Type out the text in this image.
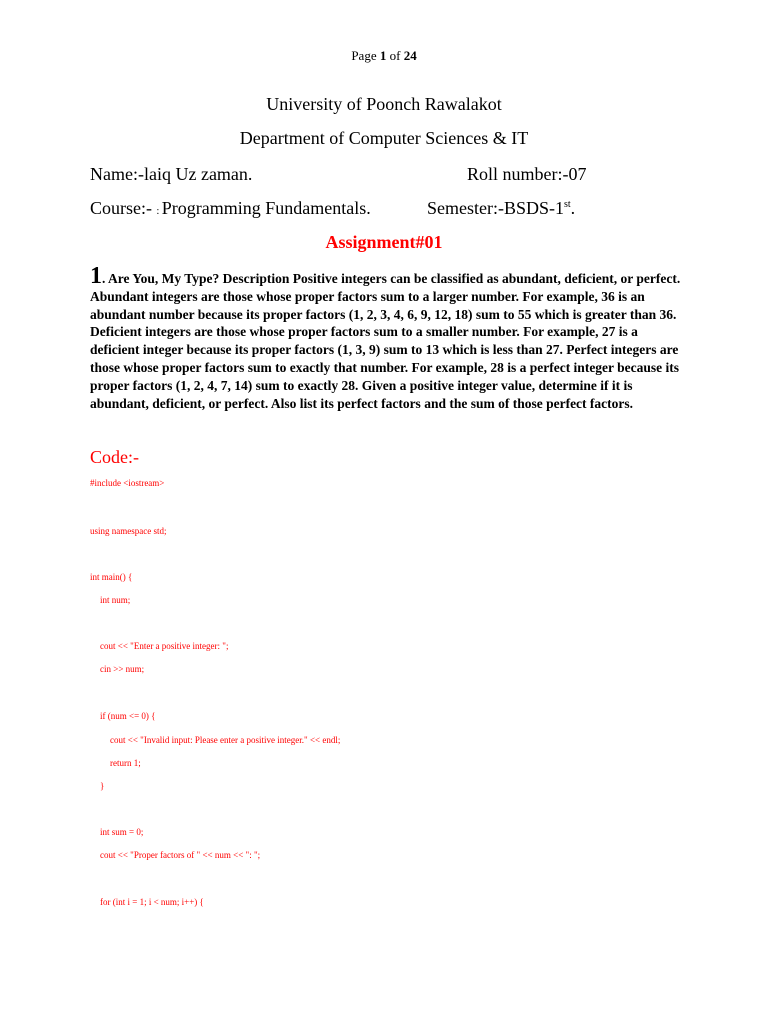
Page 1 of 24
University of Poonch Rawalakot
Department of Computer Sciences & IT
Name:-laiq Uz zaman.	Roll number:-07
Course:- : Programming Fundamentals.	Semester:-BSDS-1st.
Assignment#01
1. Are You, My Type? Description Positive integers can be classified as abundant, deficient, or perfect. Abundant integers are those whose proper factors sum to a larger number. For example, 36 is an abundant number because its proper factors (1, 2, 3, 4, 6, 9, 12, 18) sum to 55 which is greater than 36. Deficient integers are those whose proper factors sum to a smaller number. For example, 27 is a deficient integer because its proper factors (1, 3, 9) sum to 13 which is less than 27. Perfect integers are those whose proper factors sum to exactly that number. For example, 28 is a perfect integer because its proper factors (1, 2, 4, 7, 14) sum to exactly 28. Given a positive integer value, determine if it is abundant, deficient, or perfect. Also list its perfect factors and the sum of those perfect factors.
Code:-
#include <iostream>
using namespace std;
int main() {
int num;
cout << "Enter a positive integer: ";
cin >> num;
if (num <= 0) {
cout << "Invalid input: Please enter a positive integer." << endl;
return 1;
}
int sum = 0;
cout << "Proper factors of " << num << ": ";
for (int i = 1; i < num; i++) {
